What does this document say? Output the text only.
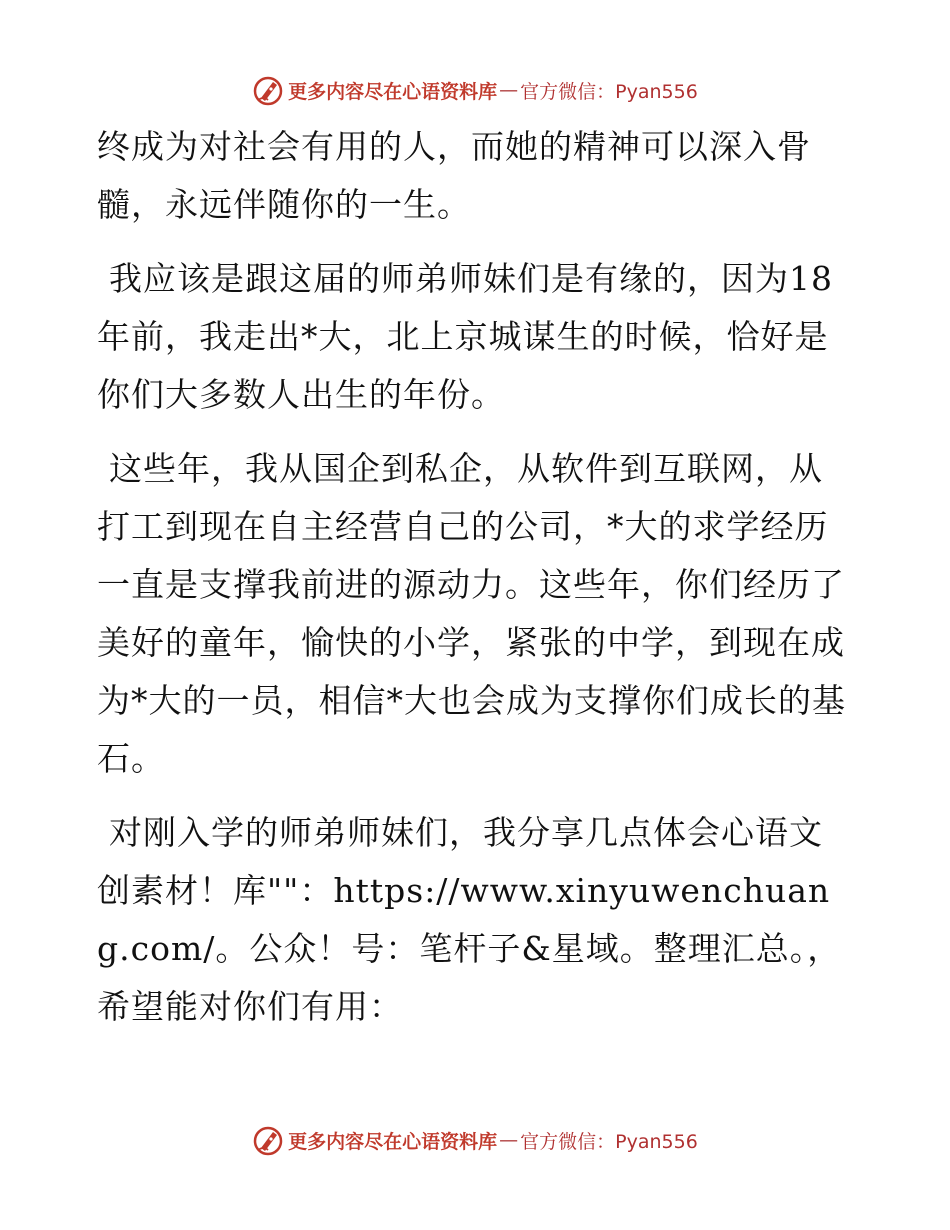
更多内容尽在心语资料库 — 官方微信：Pyan556

终成为对社会有用的人，而她的精神可以深入骨髓，永远伴随你的一生。

我应该是跟这届的师弟师妹们是有缘的，因为18年前，我走出*大，北上京城谋生的时候，恰好是你们大多数人出生的年份。

这些年，我从国企到私企，从软件到互联网，从打工到现在自主经营自己的公司，*大的求学经历一直是支撑我前进的源动力。这些年，你们经历了美好的童年，愉快的小学，紧张的中学，到现在成为*大的一员，相信*大也会成为支撑你们成长的基石。

对刚入学的师弟师妹们，我分享几点体会心语文创素材！库""：https://www.xinyuwenchuang.com/。公众！号：笔杆子&星域。整理汇总。，希望能对你们有用：

更多内容尽在心语资料库 — 官方微信：Pyan556
